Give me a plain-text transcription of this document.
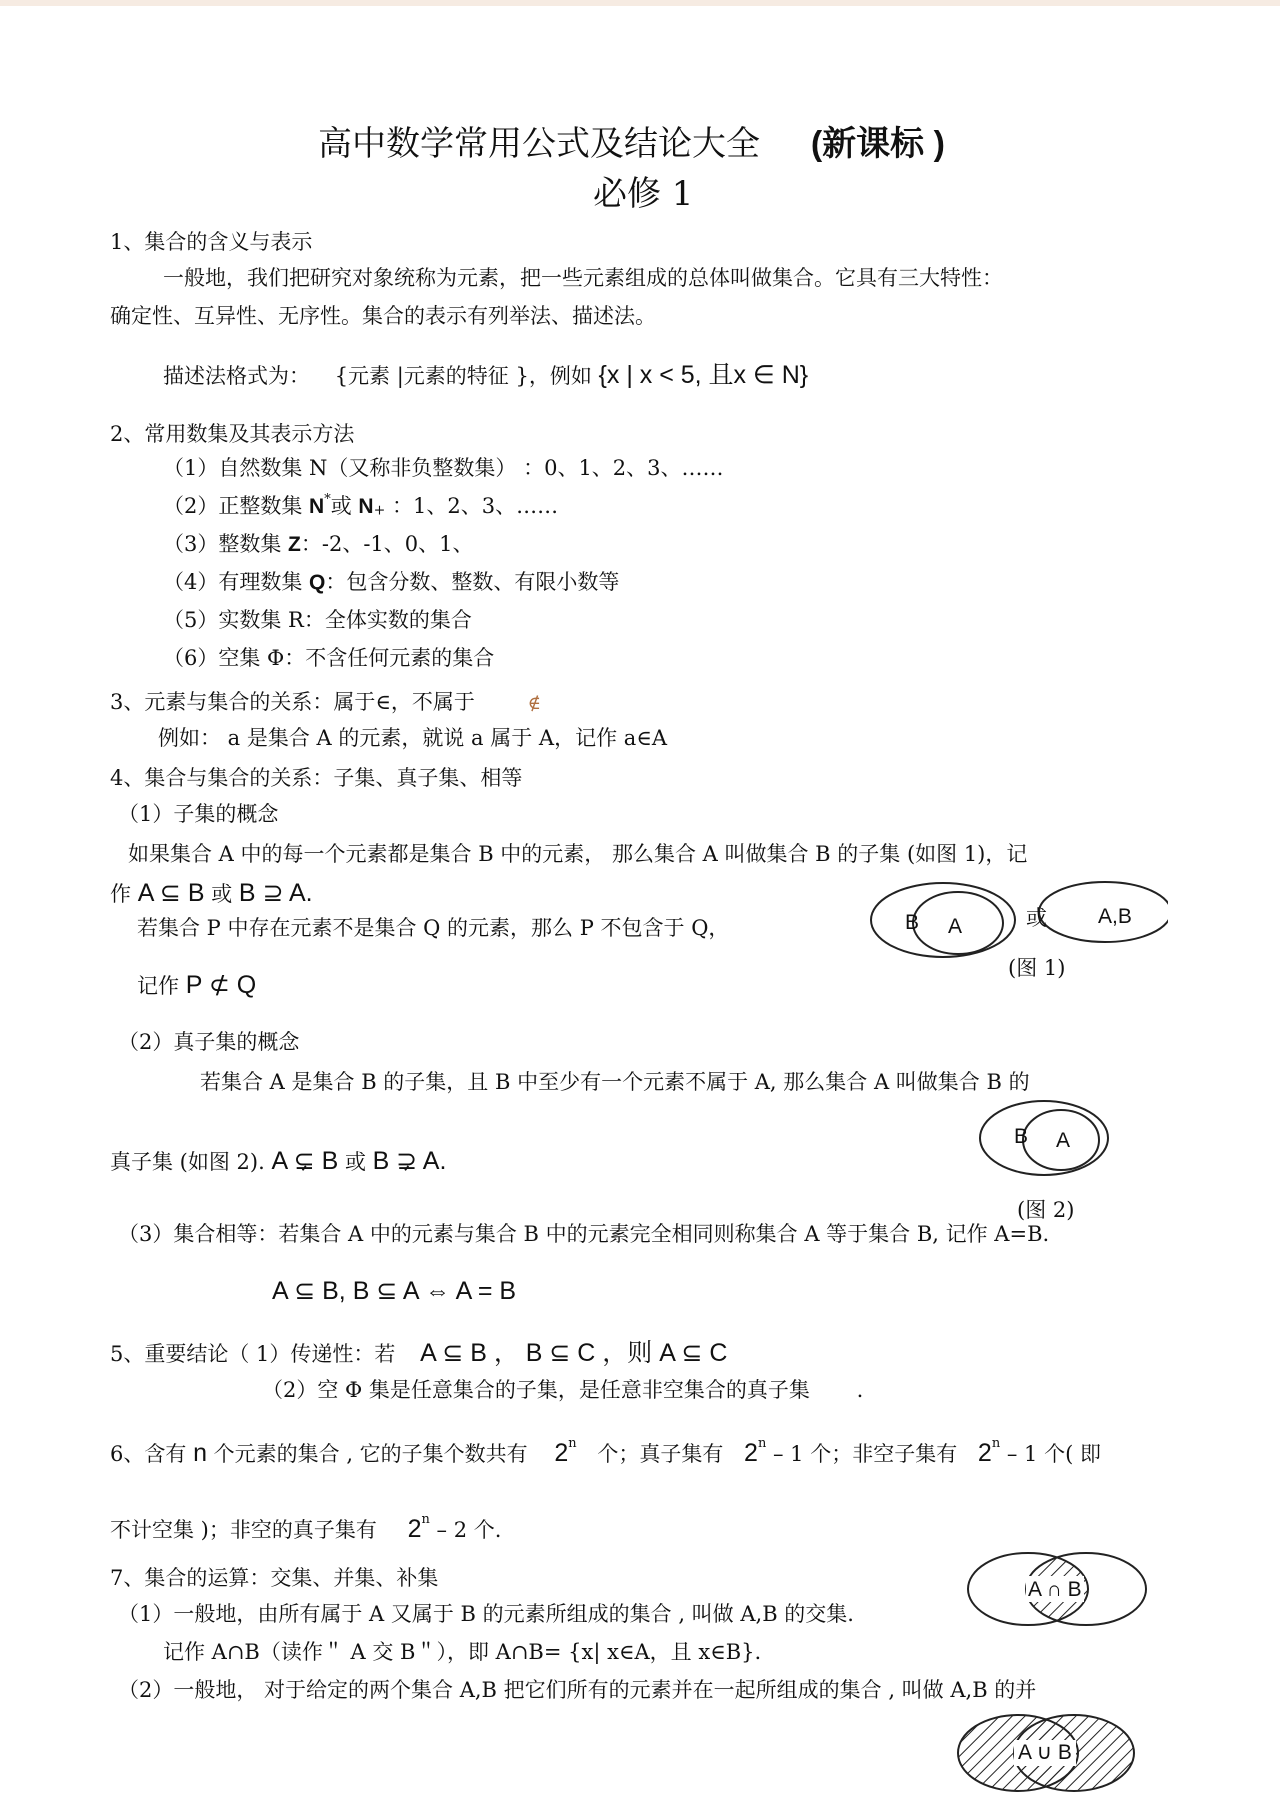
高中数学常用公式及结论大全 (新课标 )
必修 1
1、集合的含义与表示
一般地，我们把研究对象统称为元素，把一些元素组成的总体叫做集合。它具有三大特性：
确定性、互异性、无序性。集合的表示有列举法、描述法。
描述法格式为： {元素 |元素的特征 }，例如 {x | x < 5, 且x ∈ N}
2、常用数集及其表示方法
（1）自然数集 N（又称非负整数集） ：0、1、2、3、……
（2）正整数集 N*或 N+ ：1、2、3、……
（3）整数集 Z：-2、-1、0、1、
（4）有理数集 Q：包含分数、整数、有限小数等
（5）实数集 R：全体实数的集合
（6）空集 Φ：不含任何元素的集合
3、元素与集合的关系：属于∈，不属于	∉
例如： a 是集合 A 的元素，就说 a 属于 A，记作 a∈A
4、集合与集合的关系：子集、真子集、相等
（1）子集的概念
如果集合 A 中的每一个元素都是集合 B 中的元素， 那么集合 A 叫做集合 B 的子集 (如图 1)，记
作 A ⊆ B 或 B ⊇ A.
若集合 P 中存在元素不是集合 Q 的元素，那么 P 不包含于 Q，
记作 P ⊄ Q
B A	或 A,B
(图 1)
（2）真子集的概念
若集合 A 是集合 B 的子集，且 B 中至少有一个元素不属于 A, 那么集合 A 叫做集合 B 的
真子集 (如图 2). A ⊊ B 或 B ⊋ A.
B A
(图 2)
（3）集合相等：若集合 A 中的元素与集合 B 中的元素完全相同则称集合 A 等于集合 B, 记作 A=B.
A ⊆ B, B ⊆ A ⇔ A = B
5、重要结论（ 1）传递性：若 A ⊆ B ， B ⊆ C ，则 A ⊆ C
（2）空 Φ 集是任意集合的子集，是任意非空集合的真子集 .
6、含有 n 个元素的集合 , 它的子集个数共有 2$^n$ 个；真子集有 2$^n$ – 1 个；非空子集有 2$^n$ – 1 个( 即
不计空集 )；非空的真子集有 2$^n$ – 2 个.
7、集合的运算：交集、并集、补集
（1）一般地，由所有属于 A 又属于 B 的元素所组成的集合 , 叫做 A,B 的交集.
记作 A∩B（读作＂ A 交 B＂），即 A∩B= {x| x∈A，且 x∈B}.
（2）一般地， 对于给定的两个集合 A,B 把它们所有的元素并在一起所组成的集合 , 叫做 A,B 的并
A ∩ B
A ∪ B
